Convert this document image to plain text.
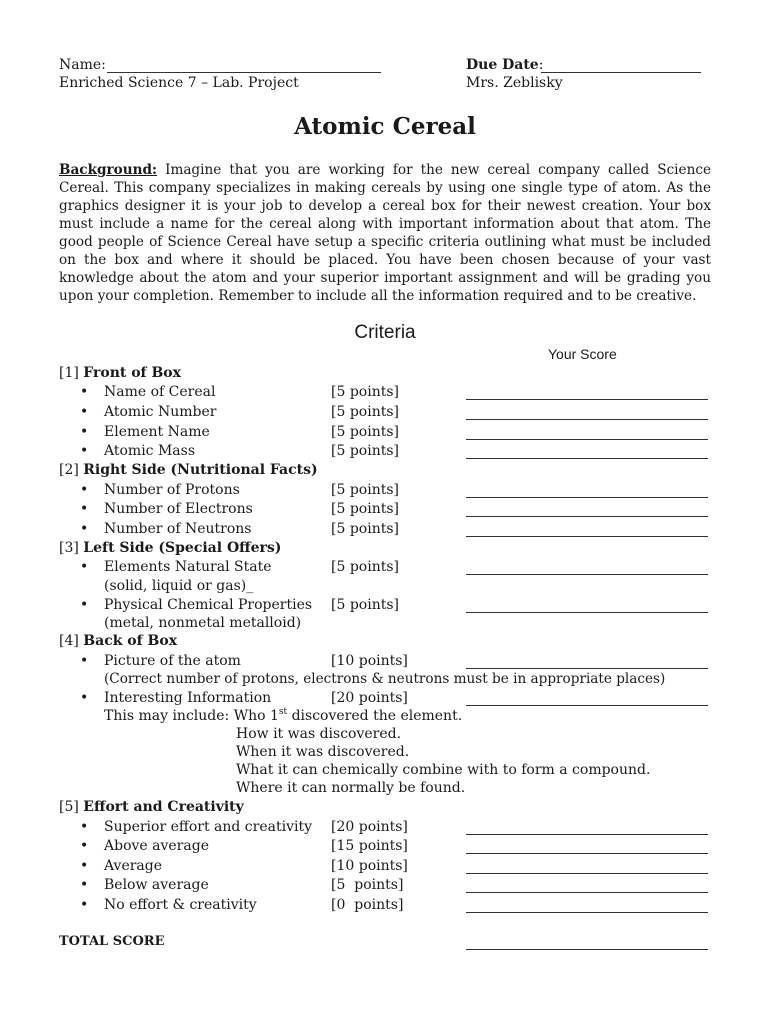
Name:	Due Date:
Enriched Science 7 – Lab. Project	Mrs. Zeblisky
Atomic Cereal
Background: Imagine that you are working for the new cereal company called Science Cereal. This company specializes in making cereals by using one single type of atom. As the graphics designer it is your job to develop a cereal box for their newest creation. Your box must include a name for the cereal along with important information about that atom. The good people of Science Cereal have setup a specific criteria outlining what must be included on the box and where it should be placed. You have been chosen because of your vast knowledge about the atom and your superior important assignment and will be grading you upon your completion. Remember to include all the information required and to be creative.
Criteria
Your Score
[1] Front of Box
• Name of Cereal	[5 points]
• Atomic Number	[5 points]
• Element Name	[5 points]
• Atomic Mass	[5 points]
[2] Right Side (Nutritional Facts)
• Number of Protons	[5 points]
• Number of Electrons	[5 points]
• Number of Neutrons	[5 points]
[3] Left Side (Special Offers)
• Elements Natural State	[5 points]
(solid, liquid or gas)_
• Physical Chemical Properties [5 points]
(metal, nonmetal metalloid)
[4] Back of Box
• Picture of the atom	[10 points]
(Correct number of protons, electrons & neutrons must be in appropriate places)
• Interesting Information	[20 points]
This may include: Who 1st discovered the element.
How it was discovered.
When it was discovered.
What it can chemically combine with to form a compound.
Where it can normally be found.
[5] Effort and Creativity
• Superior effort and creativity [20 points]
• Above average	[15 points]
• Average	[10 points]
• Below average	[5  points]
• No effort & creativity	[0  points]
TOTAL SCORE
